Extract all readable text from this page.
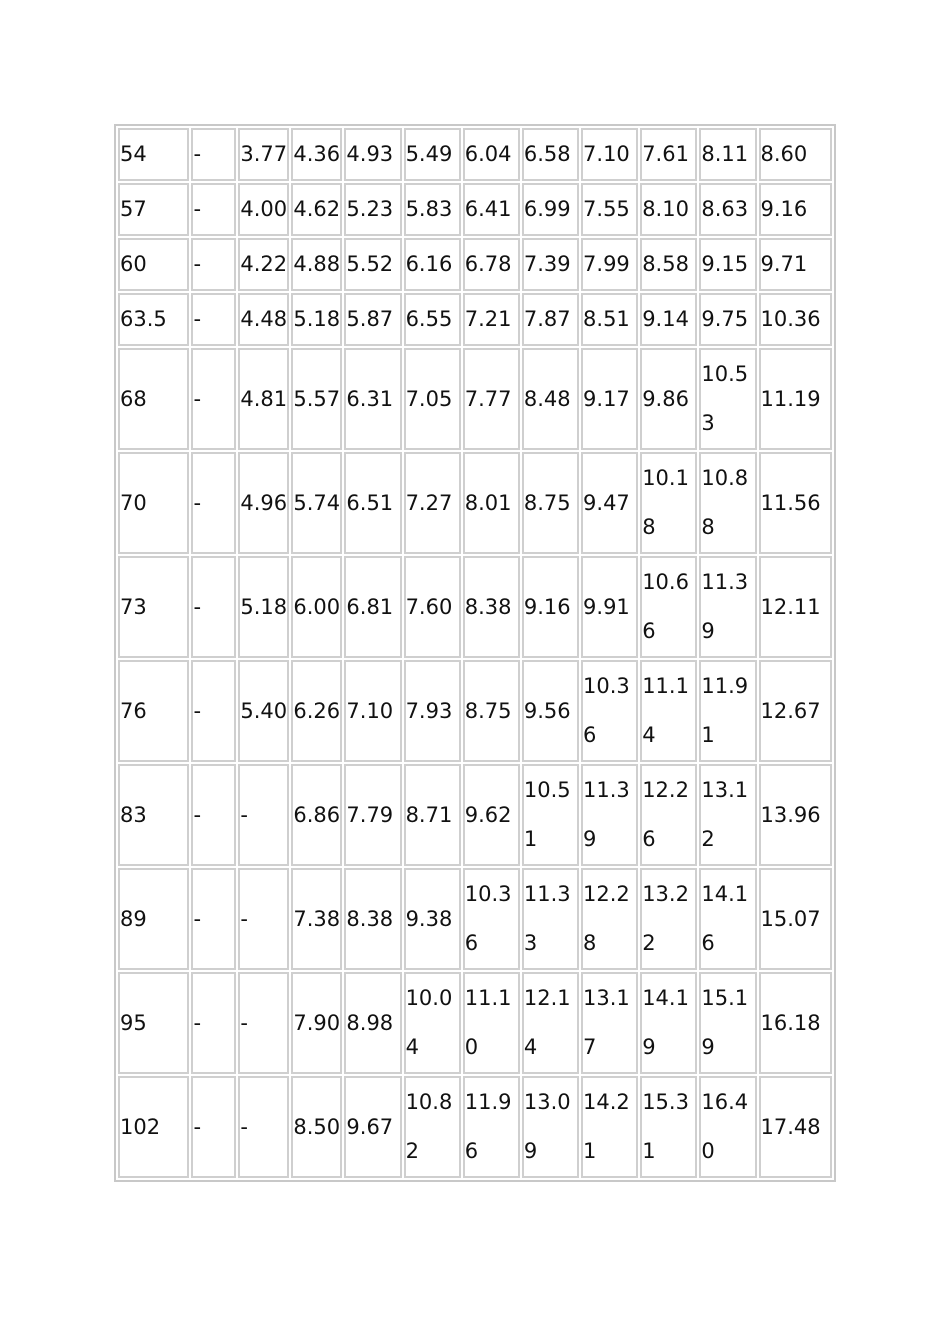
54	-	3.77	4.36	4.93	5.49	6.04	6.58	7.10	7.61	8.11	8.60
57	-	4.00	4.62	5.23	5.83	6.41	6.99	7.55	8.10	8.63	9.16
60	-	4.22	4.88	5.52	6.16	6.78	7.39	7.99	8.58	9.15	9.71
63.5	-	4.48	5.18	5.87	6.55	7.21	7.87	8.51	9.14	9.75	10.36
68	-	4.81	5.57	6.31	7.05	7.77	8.48	9.17	9.86	10.53	11.19
70	-	4.96	5.74	6.51	7.27	8.01	8.75	9.47	10.18	10.88	11.56
73	-	5.18	6.00	6.81	7.60	8.38	9.16	9.91	10.66	11.39	12.11
76	-	5.40	6.26	7.10	7.93	8.75	9.56	10.36	11.14	11.91	12.67
83	-	-	6.86	7.79	8.71	9.62	10.51	11.39	12.26	13.12	13.96
89	-	-	7.38	8.38	9.38	10.36	11.33	12.28	13.22	14.16	15.07
95	-	-	7.90	8.98	10.04	11.10	12.14	13.17	14.19	15.19	16.18
102	-	-	8.50	9.67	10.82	11.96	13.09	14.21	15.31	16.40	17.48
